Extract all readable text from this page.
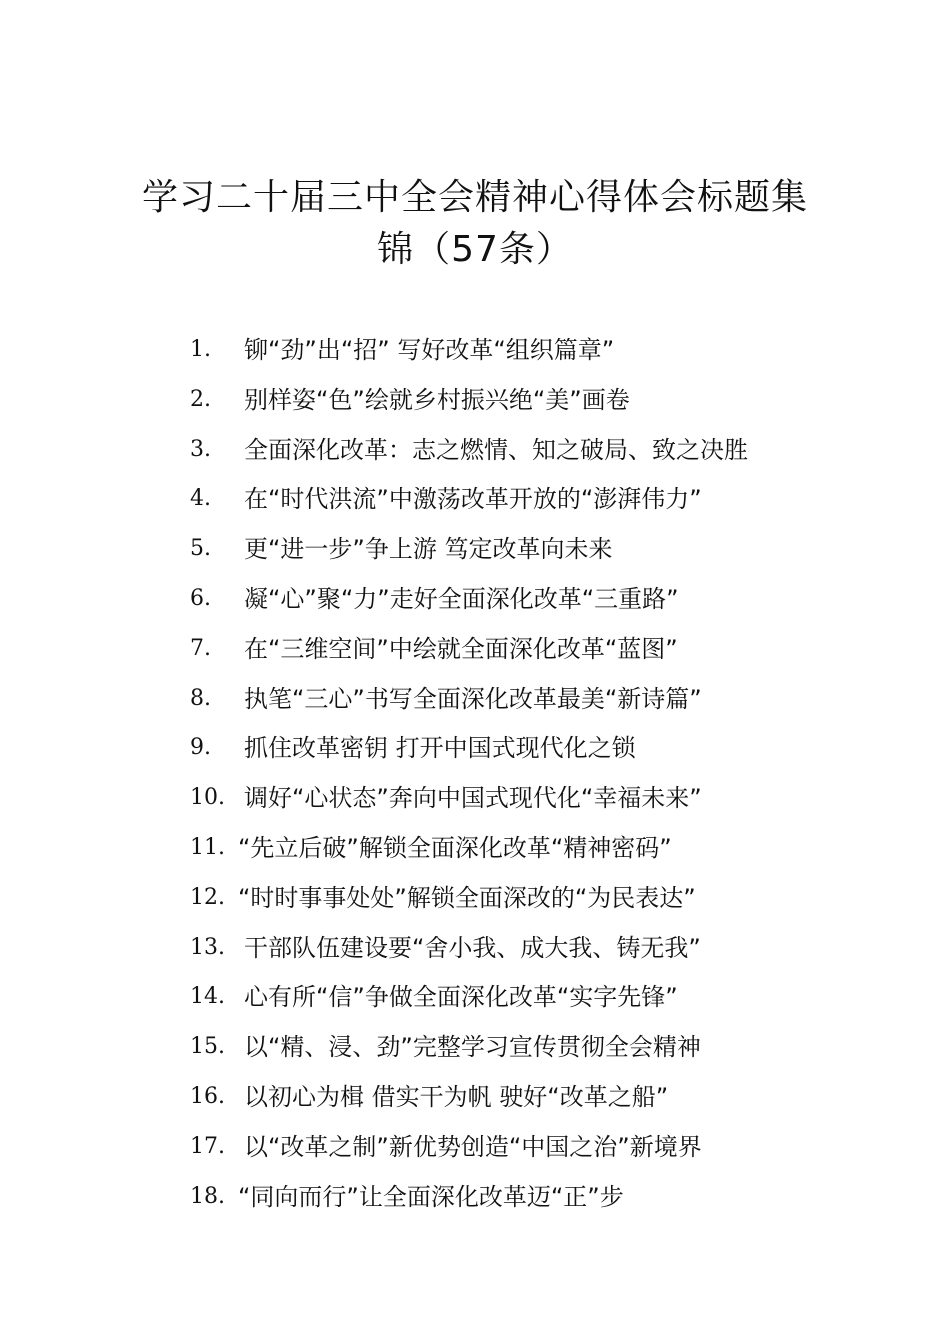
学习二十届三中全会精神心得体会标题集
锦（57条）
1.	铆“劲”出“招” 写好改革“组织篇章”
2.	别样姿“色”绘就乡村振兴绝“美”画卷
3.	全面深化改革：志之燃情、知之破局、致之决胜
4.	在“时代洪流”中激荡改革开放的“澎湃伟力”
5.	更“进一步”争上游 笃定改革向未来
6.	凝“心”聚“力”走好全面深化改革“三重路”
7.	在“三维空间”中绘就全面深化改革“蓝图”
8.	执笔“三心”书写全面深化改革最美“新诗篇”
9.	抓住改革密钥 打开中国式现代化之锁
10. 调好“心状态”奔向中国式现代化“幸福未来”
11. “先立后破”解锁全面深化改革“精神密码”
12. “时时事事处处”解锁全面深改的“为民表达”
13. 干部队伍建设要“舍小我、成大我、铸无我”
14. 心有所“信”争做全面深化改革“实字先锋”
15. 以“精、浸、劲”完整学习宣传贯彻全会精神
16. 以初心为楫 借实干为帆 驶好“改革之船”
17. 以“改革之制”新优势创造“中国之治”新境界
18. “同向而行”让全面深化改革迈“正”步
